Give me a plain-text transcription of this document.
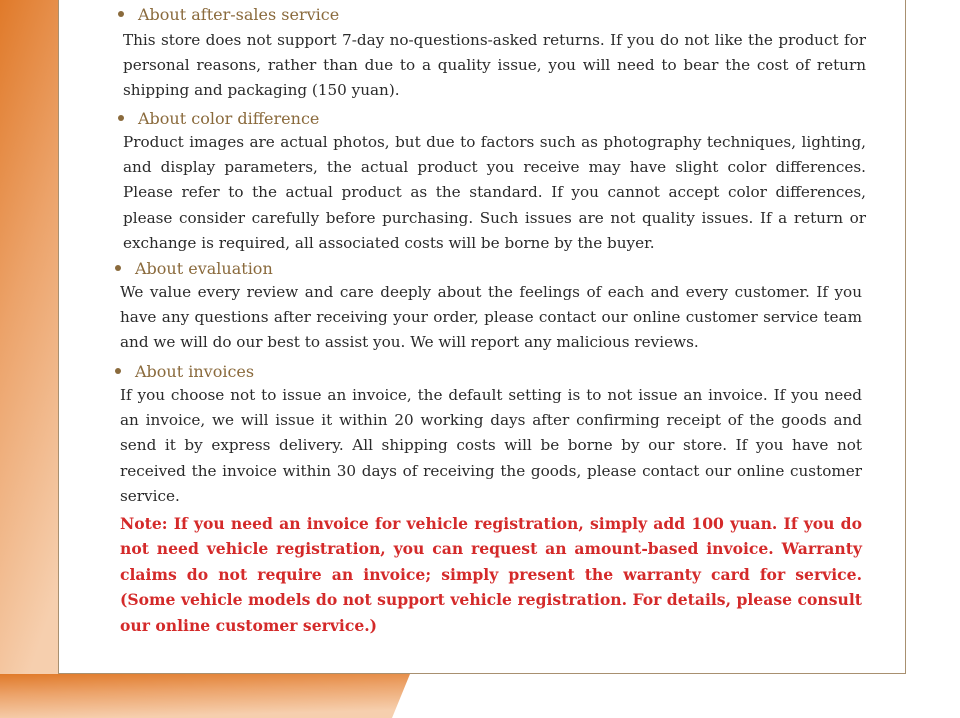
About after-sales service
This store does not support 7-day no-questions-asked returns. If you do not like the product for personal reasons, rather than due to a quality issue, you will need to bear the cost of return shipping and packaging (150 yuan).
About color difference
Product images are actual photos, but due to factors such as photography techniques, lighting, and display parameters, the actual product you receive may have slight color differences. Please refer to the actual product as the standard. If you cannot accept color differences, please consider carefully before purchasing. Such issues are not quality issues. If a return or exchange is required, all associated costs will be borne by the buyer.
About evaluation
We value every review and care deeply about the feelings of each and every customer. If you have any questions after receiving your order, please contact our online customer service team and we will do our best to assist you. We will report any malicious reviews.
About invoices
If you choose not to issue an invoice, the default setting is to not issue an invoice. If you need an invoice, we will issue it within 20 working days after confirming receipt of the goods and send it by express delivery. All shipping costs will be borne by our store. If you have not received the invoice within 30 days of receiving the goods, please contact our online customer service.
Note: If you need an invoice for vehicle registration, simply add 100 yuan. If you do not need vehicle registration, you can request an amount-based invoice. Warranty claims do not require an invoice; simply present the warranty card for service. (Some vehicle models do not support vehicle registration. For details, please consult our online customer service.)
